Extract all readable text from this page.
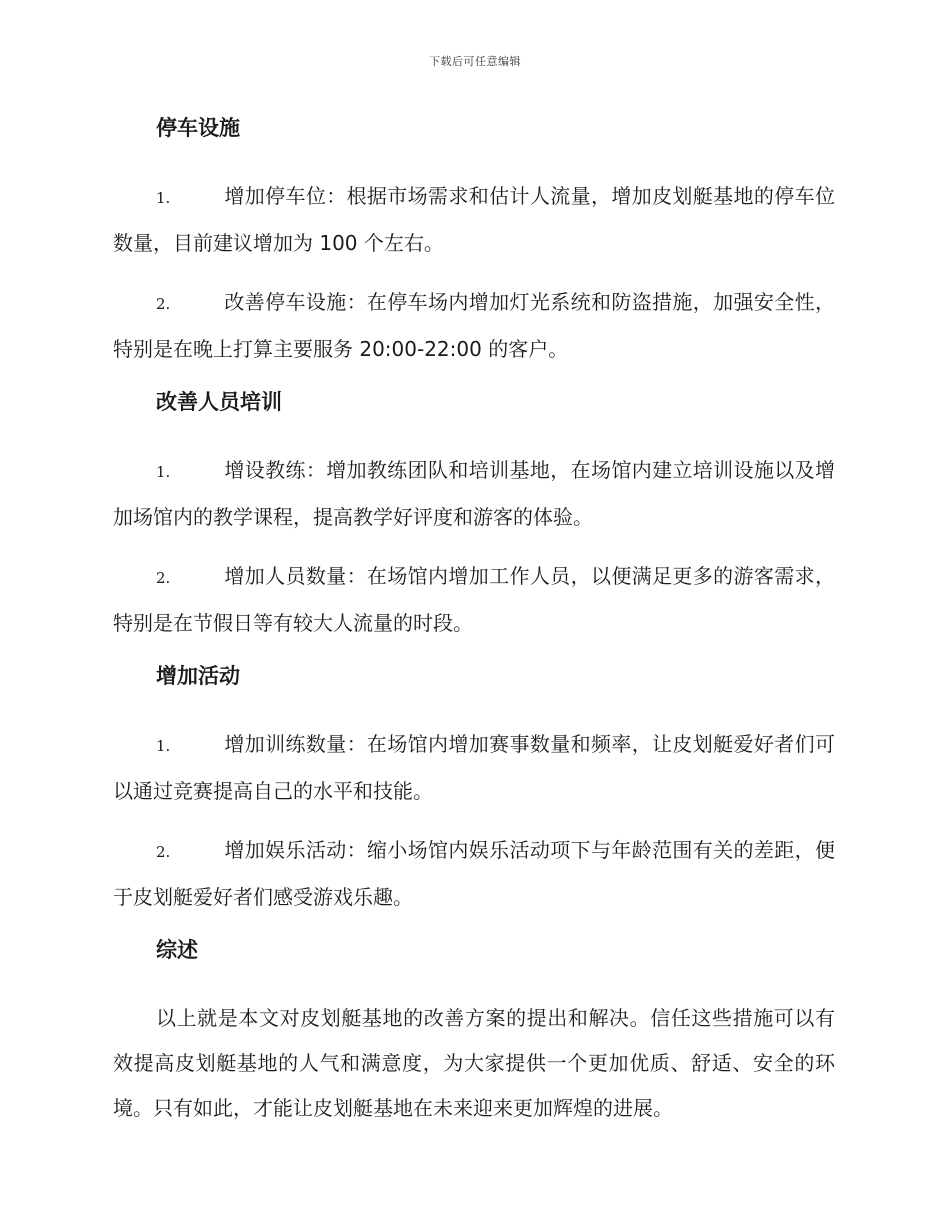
下载后可任意编辑
停车设施
1.	增加停车位：根据市场需求和估计人流量，增加皮划艇基地的停车位数量，目前建议增加为 100 个左右。
2.	改善停车设施：在停车场内增加灯光系统和防盗措施，加强安全性，特别是在晚上打算主要服务 20:00-22:00 的客户。
改善人员培训
1.	增设教练：增加教练团队和培训基地，在场馆内建立培训设施以及增加场馆内的教学课程，提高教学好评度和游客的体验。
2.	增加人员数量：在场馆内增加工作人员，以便满足更多的游客需求，特别是在节假日等有较大人流量的时段。
增加活动
1.	增加训练数量：在场馆内增加赛事数量和频率，让皮划艇爱好者们可以通过竞赛提高自己的水平和技能。
2.	增加娱乐活动：缩小场馆内娱乐活动项下与年龄范围有关的差距，便于皮划艇爱好者们感受游戏乐趣。
综述

以上就是本文对皮划艇基地的改善方案的提出和解决。信任这些措施可以有效提高皮划艇基地的人气和满意度，为大家提供一个更加优质、舒适、安全的环境。只有如此，才能让皮划艇基地在未来迎来更加辉煌的进展。
